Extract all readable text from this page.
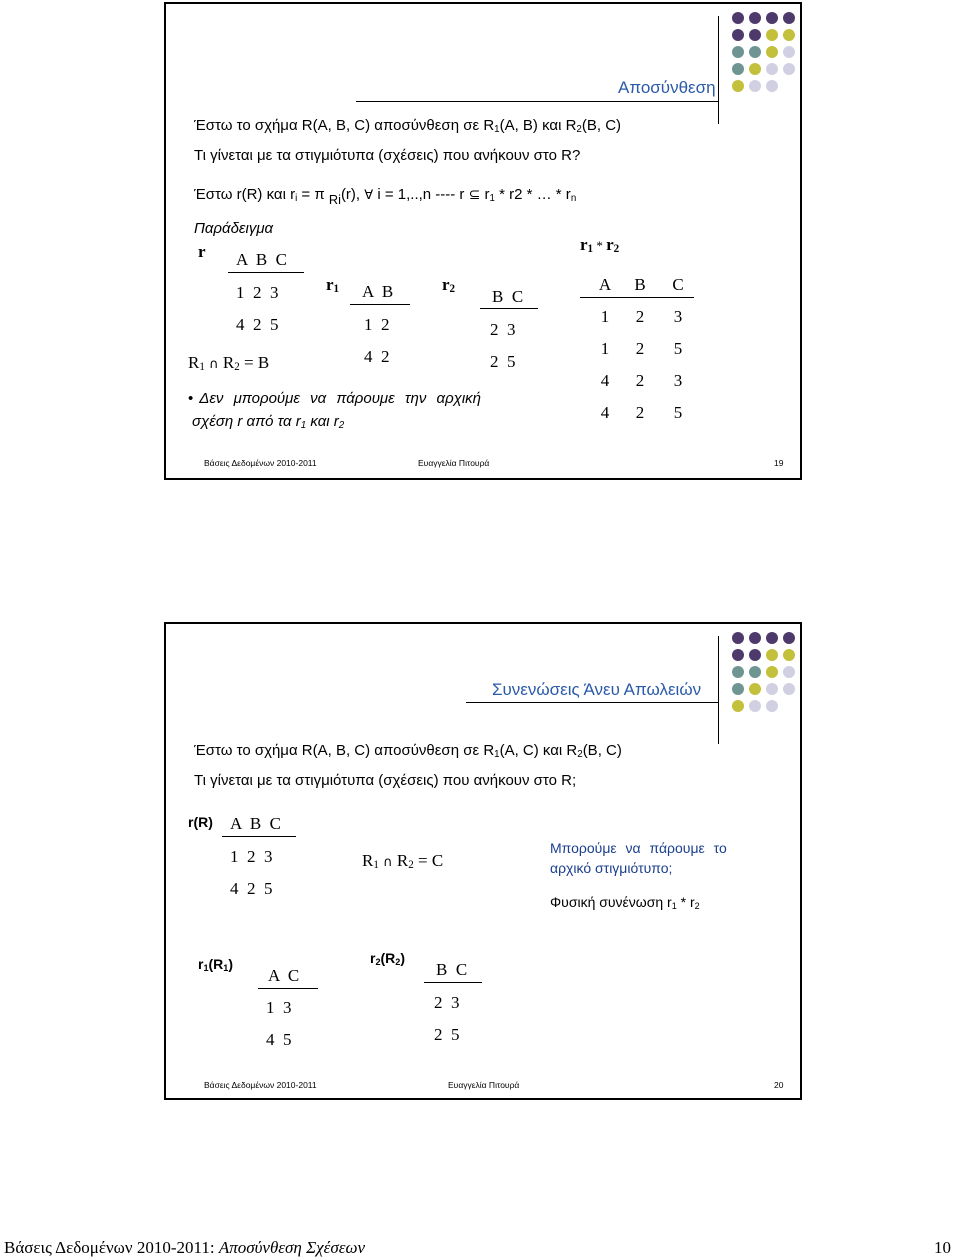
Αποσύνθεση
Έστω το σχήμα R(A, B, C) αποσύνθεση σε $R_1(A$, B) και $R_2(B$, C)
Τι γίνεται με τα στιγμιότυπα (σχέσεις) που ανήκουν στο R?
Έστω r(R) και $r_i = \pi$ $_{Ri}$(r), ∀ i = 1,..,n ---- r ⊆ $r_1 * r2$ * … * $r_n$
Παράδειγμα
r A  B  C
1  2  3
4  2  5
$r_1$ A  B
1  2
4  2
$r_2$ B  C
2  3
2  5
$R_1$ ∩ $R_2 = B$
• Δεν μπορούμε να πάρουμε την αρχική
σχέση r από τα $r_1$ και $r_2$
$r_1 * r_2$
A B C
1 2 3
1 2 5
4 2 3
4 2 5
Βάσεις Δεδομένων 2010-2011	Ευαγγελία Πιτουρά	19
Συνενώσεις Άνευ Απωλειών
Έστω το σχήμα R(A, B, C) αποσύνθεση σε $R_1(A$, C) και $R_2(B$, C)
Τι γίνεται με τα στιγμιότυπα (σχέσεις) που ανήκουν στο R;
r(R) A  B  C
1  2  3
4  2  5
$R_1$ ∩ $R_2 = C$
Μπορούμε να πάρουμε το
αρχικό στιγμιότυπο;
Φυσική συνένωση $r_1 * r_2$
$r_1(R_1)$
A  C
1  3
4  5
$r_2(R_2)$
B  C
2  3
2  5
Βάσεις Δεδομένων 2010-2011	Ευαγγελία Πιτουρά	20
Βάσεις Δεδομένων 2010-2011: Αποσύνθεση Σχέσεων	10
